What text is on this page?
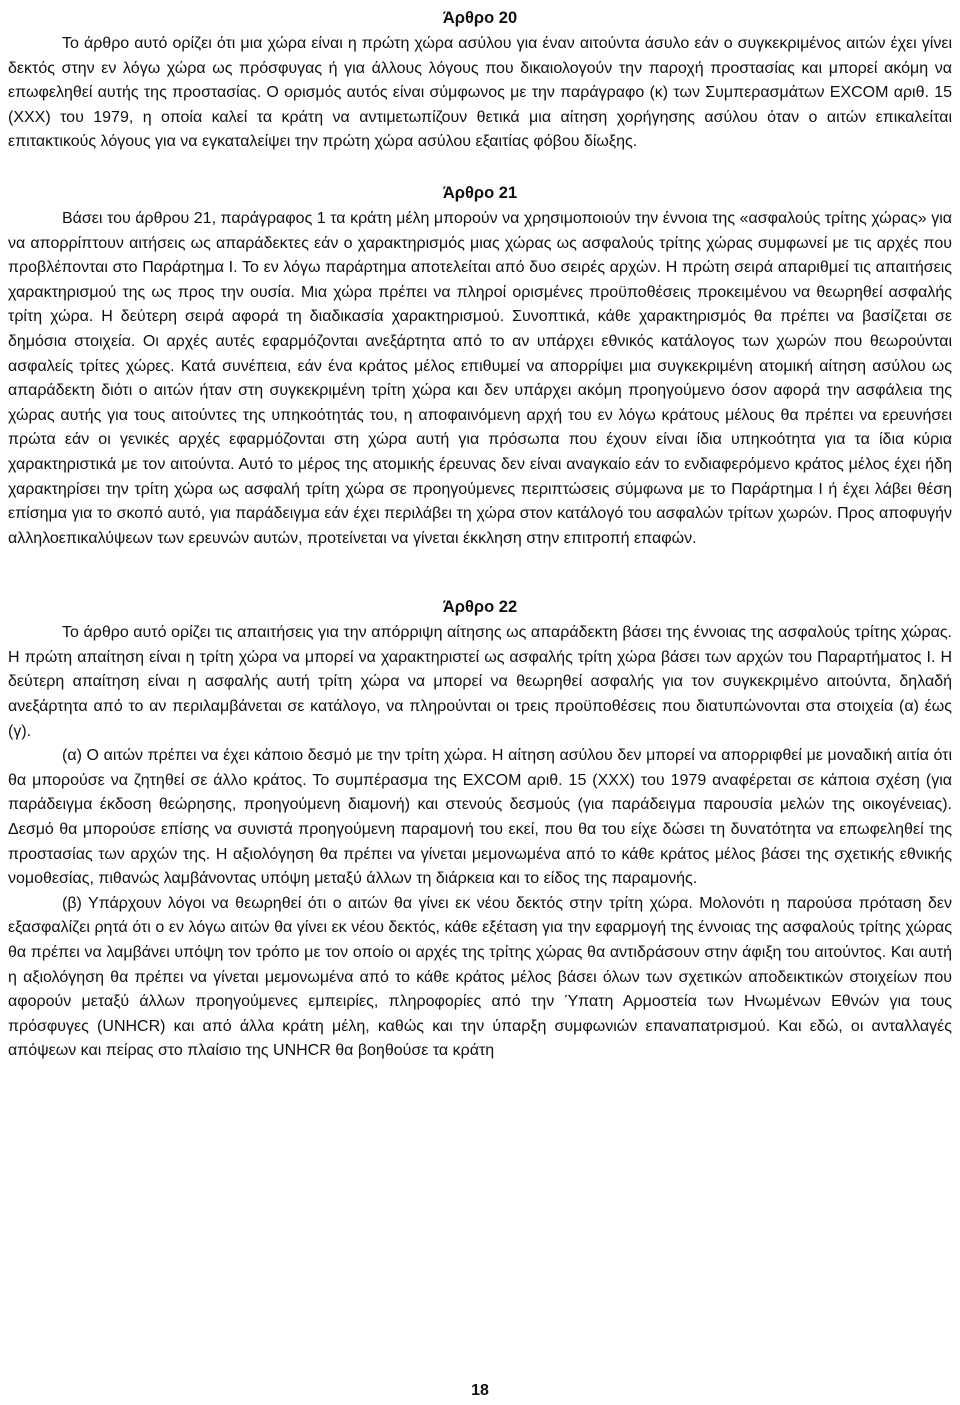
Άρθρο 20

Το άρθρο αυτό ορίζει ότι μια χώρα είναι η πρώτη χώρα ασύλου για έναν αιτούντα άσυλο εάν ο συγκεκριμένος αιτών έχει γίνει δεκτός στην εν λόγω χώρα ως πρόσφυγας ή για άλλους λόγους που δικαιολογούν την παροχή προστασίας και μπορεί ακόμη να επωφεληθεί αυτής της προστασίας. Ο ορισμός αυτός είναι σύμφωνος με την παράγραφο (κ) των Συμπερασμάτων EXCOM αριθ. 15 (XXX) του 1979, η οποία καλεί τα κράτη να αντιμετωπίζουν θετικά μια αίτηση χορήγησης ασύλου όταν ο αιτών επικαλείται επιτακτικούς λόγους για να εγκαταλείψει την πρώτη χώρα ασύλου εξαιτίας φόβου δίωξης.

Άρθρο 21

Βάσει του άρθρου 21, παράγραφος 1 τα κράτη μέλη μπορούν να χρησιμοποιούν την έννοια της «ασφαλούς τρίτης χώρας» για να απορρίπτουν αιτήσεις ως απαράδεκτες εάν ο χαρακτηρισμός μιας χώρας ως ασφαλούς τρίτης χώρας συμφωνεί με τις αρχές που προβλέπονται στο Παράρτημα Ι. Το εν λόγω παράρτημα αποτελείται από δυο σειρές αρχών. Η πρώτη σειρά απαριθμεί τις απαιτήσεις χαρακτηρισμού της ως προς την ουσία. Μια χώρα πρέπει να πληροί ορισμένες προϋποθέσεις προκειμένου να θεωρηθεί ασφαλής τρίτη χώρα. Η δεύτερη σειρά αφορά τη διαδικασία χαρακτηρισμού. Συνοπτικά, κάθε χαρακτηρισμός θα πρέπει να βασίζεται σε δημόσια στοιχεία. Οι αρχές αυτές εφαρμόζονται ανεξάρτητα από το αν υπάρχει εθνικός κατάλογος των χωρών που θεωρούνται ασφαλείς τρίτες χώρες. Κατά συνέπεια, εάν ένα κράτος μέλος επιθυμεί να απορρίψει μια συγκεκριμένη ατομική αίτηση ασύλου ως απαράδεκτη διότι ο αιτών ήταν στη συγκεκριμένη τρίτη χώρα και δεν υπάρχει ακόμη προηγούμενο όσον αφορά την ασφάλεια της χώρας αυτής για τους αιτούντες της υπηκοότητάς του, η αποφαινόμενη αρχή του εν λόγω κράτους μέλους θα πρέπει να ερευνήσει πρώτα εάν οι γενικές αρχές εφαρμόζονται στη χώρα αυτή για πρόσωπα που έχουν είναι ίδια υπηκοότητα για τα ίδια κύρια χαρακτηριστικά με τον αιτούντα. Αυτό το μέρος της ατομικής έρευνας δεν είναι αναγκαίο εάν το ενδιαφερόμενο κράτος μέλος έχει ήδη χαρακτηρίσει την τρίτη χώρα ως ασφαλή τρίτη χώρα σε προηγούμενες περιπτώσεις σύμφωνα με το Παράρτημα Ι ή έχει λάβει θέση επίσημα για το σκοπό αυτό, για παράδειγμα εάν έχει περιλάβει τη χώρα στον κατάλογό του ασφαλών τρίτων χωρών. Προς αποφυγήν αλληλοεπικαλύψεων των ερευνών αυτών, προτείνεται να γίνεται έκκληση στην επιτροπή επαφών.

Άρθρο 22

Το άρθρο αυτό ορίζει τις απαιτήσεις για την απόρριψη αίτησης ως απαράδεκτη βάσει της έννοιας της ασφαλούς τρίτης χώρας. Η πρώτη απαίτηση είναι η τρίτη χώρα να μπορεί να χαρακτηριστεί ως ασφαλής τρίτη χώρα βάσει των αρχών του Παραρτήματος Ι. Η δεύτερη απαίτηση είναι η ασφαλής αυτή τρίτη χώρα να μπορεί να θεωρηθεί ασφαλής για τον συγκεκριμένο αιτούντα, δηλαδή ανεξάρτητα από το αν περιλαμβάνεται σε κατάλογο, να πληρούνται οι τρεις προϋποθέσεις που διατυπώνονται στα στοιχεία (α) έως (γ).

(α) Ο αιτών πρέπει να έχει κάποιο δεσμό με την τρίτη χώρα. Η αίτηση ασύλου δεν μπορεί να απορριφθεί με μοναδική αιτία ότι θα μπορούσε να ζητηθεί σε άλλο κράτος. Το συμπέρασμα της EXCOM αριθ. 15 (XXX) του 1979 αναφέρεται σε κάποια σχέση (για παράδειγμα έκδοση θεώρησης, προηγούμενη διαμονή) και στενούς δεσμούς (για παράδειγμα παρουσία μελών της οικογένειας). Δεσμό θα μπορούσε επίσης να συνιστά προηγούμενη παραμονή του εκεί, που θα του είχε δώσει τη δυνατότητα να επωφεληθεί της προστασίας των αρχών της. Η αξιολόγηση θα πρέπει να γίνεται μεμονωμένα από το κάθε κράτος μέλος βάσει της σχετικής εθνικής νομοθεσίας, πιθανώς λαμβάνοντας υπόψη μεταξύ άλλων τη διάρκεια και το είδος της παραμονής.

(β) Υπάρχουν λόγοι να θεωρηθεί ότι ο αιτών θα γίνει εκ νέου δεκτός στην τρίτη χώρα. Μολονότι η παρούσα πρόταση δεν εξασφαλίζει ρητά ότι ο εν λόγω αιτών θα γίνει εκ νέου δεκτός, κάθε εξέταση για την εφαρμογή της έννοιας της ασφαλούς τρίτης χώρας θα πρέπει να λαμβάνει υπόψη τον τρόπο με τον οποίο οι αρχές της τρίτης χώρας θα αντιδράσουν στην άφιξη του αιτούντος. Και αυτή η αξιολόγηση θα πρέπει να γίνεται μεμονωμένα από το κάθε κράτος μέλος βάσει όλων των σχετικών αποδεικτικών στοιχείων που αφορούν μεταξύ άλλων προηγούμενες εμπειρίες, πληροφορίες από την Ύπατη Αρμοστεία των Ηνωμένων Εθνών για τους πρόσφυγες (UNHCR) και από άλλα κράτη μέλη, καθώς και την ύπαρξη συμφωνιών επαναπατρισμού. Και εδώ, οι ανταλλαγές απόψεων και πείρας στο πλαίσιο της UNHCR θα βοηθούσε τα κράτη

18
